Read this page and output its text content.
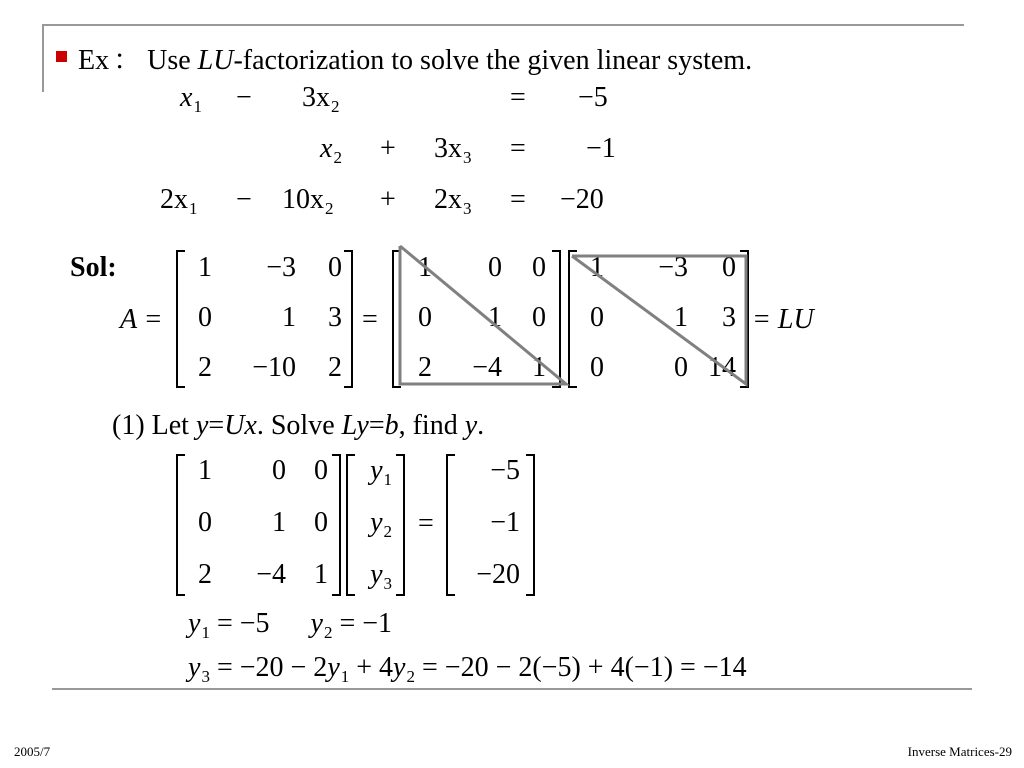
Ex ： Use LU-factorization to solve the given linear system.
$x_1 - 3x_2$	= −5
$x_2 + 3x_3 = -1$
$2x_1 - 10x_2 + 2x_3 = -20$
Sol:
A =
1	−3	0
0	1	3
2	−10	2
=
1	0	0
0	1	0
2	−4	1
1	−3	0
0	1	3
0	0 14
= LU
(1) Let y=Ux. Solve Ly=b, find y.
1	0	0
0	1	0
2	−4	1
$y_1$
$y_2$
$y_3$
=
−5
−1
−20
$y_1 = -5$ $y_2 = -1$
$y_3 = -20 - 2y_1 + 4y_2 = -20 - 2(-5) + 4(-1) = -14$
2005/7	Inverse Matrices-29
